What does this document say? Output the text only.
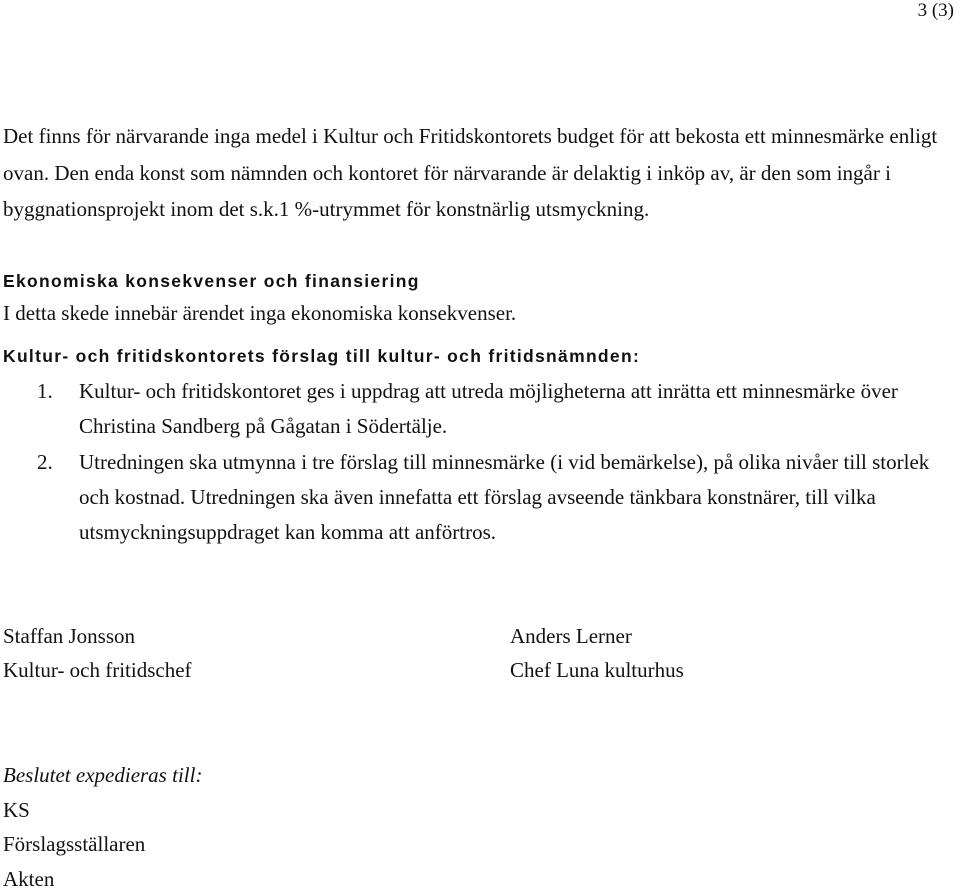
3 (3)

Det finns för närvarande inga medel i Kultur och Fritidskontorets budget för att bekosta ett minnesmärke enligt ovan. Den enda konst som nämnden och kontoret för närvarande är delaktig i inköp av, är den som ingår i byggnationsprojekt inom det s.k.1 %-utrymmet för konstnärlig utsmyckning.

Ekonomiska konsekvenser och finansiering
I detta skede innebär ärendet inga ekonomiska konsekvenser.
Kultur- och fritidskontorets förslag till kultur- och fritidsnämnden:
1. Kultur- och fritidskontoret ges i uppdrag att utreda möjligheterna att inrätta ett minnesmärke över Christina Sandberg på Gågatan i Södertälje.
2. Utredningen ska utmynna i tre förslag till minnesmärke (i vid bemärkelse), på olika nivåer till storlek och kostnad. Utredningen ska även innefatta ett förslag avseende tänkbara konstnärer, till vilka utsmyckningsuppdraget kan komma att anförtros.
Staffan Jonsson
Kultur- och fritidschef
Anders Lerner
Chef Luna kulturhus
Beslutet expedieras till:
KS
Förslagsställaren
Akten
